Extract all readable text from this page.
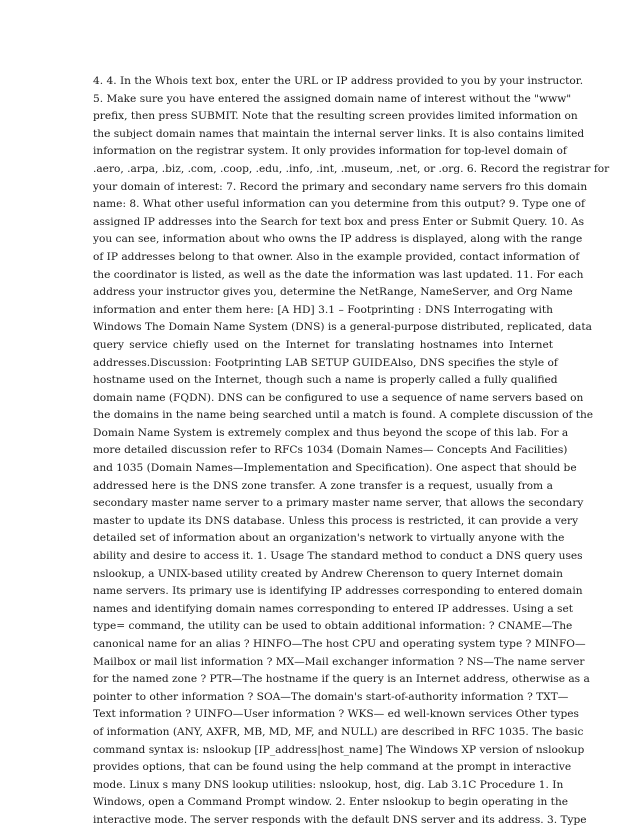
4. 4. In the Whois text box, enter the URL or IP address provided to you by your instructor.
5. Make sure you have entered the assigned domain name of interest without the "www"
prefix, then press SUBMIT. Note that the resulting screen provides limited information on
the subject domain names that maintain the internal server links. It is also contains limited
information on the registrar system. It only provides information for top-level domain of
.aero, .arpa, .biz, .com, .coop, .edu, .info, .int, .museum, .net, or .org. 6. Record the registrar for
your domain of interest: 7. Record the primary and secondary name servers fro this domain
name: 8. What other useful information can you determine from this output? 9. Type one of
assigned IP addresses into the Search for text box and press Enter or Submit Query. 10. As
you can see, information about who owns the IP address is displayed, along with the range
of IP addresses belong to that owner. Also in the example provided, contact information of
the coordinator is listed, as well as the date the information was last updated. 11. For each
address your instructor gives you, determine the NetRange, NameServer, and Org Name
information and enter them here: [A HD] 3.1 – Footprinting : DNS Interrogating with
Windows The Domain Name System (DNS) is a general-purpose distributed, replicated, data
query service chiefly used on the Internet for translating hostnames into Internet
addresses.Discussion: Footprinting LAB SETUP GUIDEAlso, DNS specifies the style of
hostname used on the Internet, though such a name is properly called a fully qualified
domain name (FQDN). DNS can be configured to use a sequence of name servers based on
the domains in the name being searched until a match is found. A complete discussion of the
Domain Name System is extremely complex and thus beyond the scope of this lab. For a
more detailed discussion refer to RFCs 1034 (Domain Names— Concepts And Facilities)
and 1035 (Domain Names—Implementation and Specification). One aspect that should be
addressed here is the DNS zone transfer. A zone transfer is a request, usually from a
secondary master name server to a primary master name server, that allows the secondary
master to update its DNS database. Unless this process is restricted, it can provide a very
detailed set of information about an organization's network to virtually anyone with the
ability and desire to access it. 1. Usage The standard method to conduct a DNS query uses
nslookup, a UNIX-based utility created by Andrew Cherenson to query Internet domain
name servers. Its primary use is identifying IP addresses corresponding to entered domain
names and identifying domain names corresponding to entered IP addresses. Using a set
type= command, the utility can be used to obtain additional information: ? CNAME—The
canonical name for an alias ? HINFO—The host CPU and operating system type ? MINFO—
Mailbox or mail list information ? MX—Mail exchanger information ? NS—The name server
for the named zone ? PTR—The hostname if the query is an Internet address, otherwise as a
pointer to other information ? SOA—The domain's start-of-authority information ? TXT—
Text information ? UINFO—User information ? WKS— ed well-known services Other types
of information (ANY, AXFR, MB, MD, MF, and NULL) are described in RFC 1035. The basic
command syntax is: nslookup [IP_address|host_name] The Windows XP version of nslookup
provides options, that can be found using the help command at the prompt in interactive
mode. Linux s many DNS lookup utilities: nslookup, host, dig. Lab 3.1C Procedure 1. In
Windows, open a Command Prompt window. 2. Enter nslookup to begin operating in the
interactive mode. The server responds with the default DNS server and its address. 3. Type
